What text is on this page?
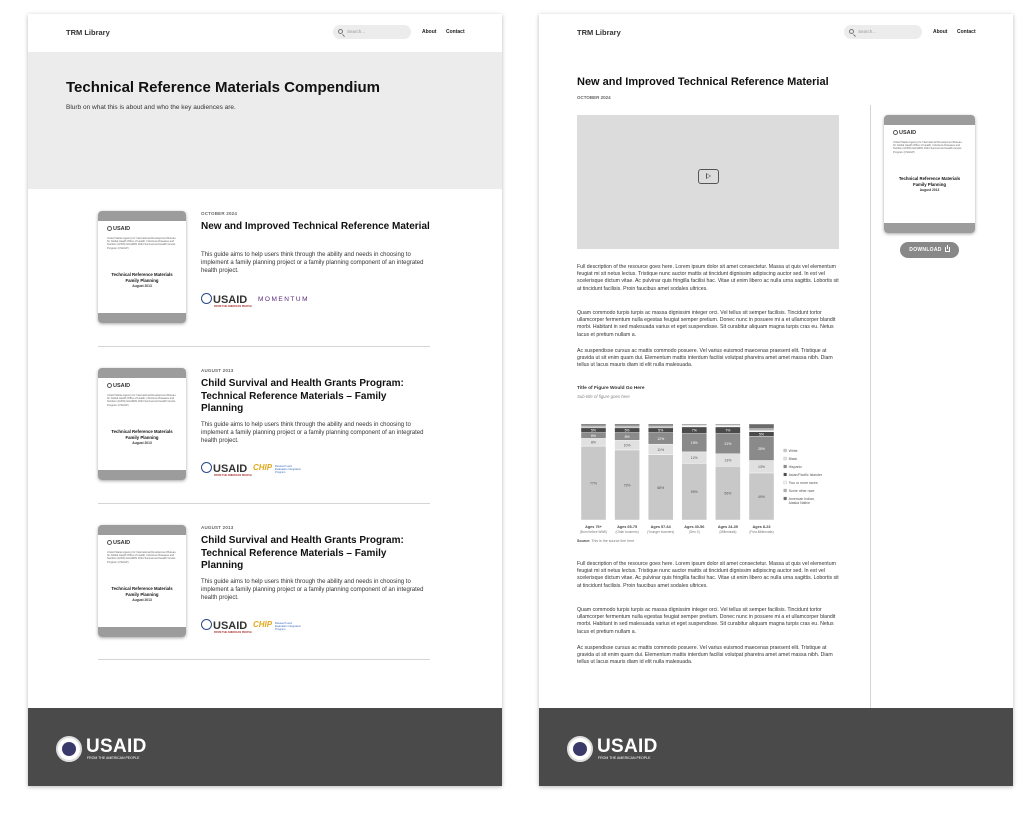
TRM Library	Search...	About Contact
Technical Reference Materials Compendium
Blurb on what this is about and who the key audiences are.
USAID
United States Agency for International Development Bureau for Global Health Office of Health, Infectious Diseases and Nutrition (HIDN) GH/HIDN 2024 Survival and Health Grants Program (CSHGP)
Technical Reference Materials
Family Planning
August 2013
OCTOBER 2024
New and Improved Technical Reference Material
This guide aims to help users think through the ability and needs in choosing to implement a family planning project or a family planning component of an integrated health project.
USAID
FROM THE AMERICAN PEOPLE
MOMENTUM
USAID
United States Agency for International Development Bureau for Global Health Office of Health, Infectious Diseases and Nutrition (HIDN) GH/HIDN 2024 Survival and Health Grants Program (CSHGP)
Technical Reference Materials
Family Planning
August 2013
AUGUST 2013
Child Survival and Health Grants Program: Technical Reference Materials – Family Planning
This guide aims to help users think through the ability and needs in choosing to implement a family planning project or a family planning component of an integrated health project.
USAID
FROM THE AMERICAN PEOPLE
CHIP Research and Evaluation Integrated Program
USAID
United States Agency for International Development Bureau for Global Health Office of Health, Infectious Diseases and Nutrition (HIDN) GH/HIDN 2024 Survival and Health Grants Program (CSHGP)
Technical Reference Materials
Family Planning
August 2013
AUGUST 2013
Child Survival and Health Grants Program: Technical Reference Materials – Family Planning
This guide aims to help users think through the ability and needs in choosing to implement a family planning project or a family planning component of an integrated health project.
USAID
FROM THE AMERICAN PEOPLE
CHIP Research and Evaluation Integrated Program
USAID
FROM THE AMERICAN PEOPLE
TRM Library	Search...	About Contact
New and Improved Technical Reference Material
OCTOBER 2024
Full description of the resource goes here. Lorem ipsum dolor sit amet consectetur. Massa ut quis vel elementum feugiat mi sit netus lectus. Tristique nunc auctor mattis at tincidunt dignissim adipiscing auctor sed. In est vel scelerisque dictum vitae. Ac pulvinar quis fringilla facilisi hac. Vitae ut enim libero ac nulla urna sagittis. Lobortis sit at tincidunt facilisis. Proin faucibus amet sodales ultrices.
Quam commodo turpis turpis ac massa dignissim integer orci. Vel tellus sit semper facilisis. Tincidunt tortor ullamcorper fermentum nulla egestas feugiat semper pretium. Donec nunc in posuere mi a et ullamcorper blandit morbi. Habitant in sed malesuada varius et eget suspendisse. Sit curabitur aliquam magna turpis cras eu. Netus lacus et pretium nullam a.
Ac suspendisse cursus ac mattis commodo posuere. Vel varius euismod maecenas praesent elit. Tristique at gravida ut sit enim quam dui. Elementum mattis interdum facilisi volutpat pharetra amet amet massa nibh. Diam tellus ut lacus mauris diam id elit nulla malesuada.
Title of Figure Would Go Here
Sub-title of figure goes here
77%
8%
6%
5%
Ages 76+
(Born before WWII)
73%
10%
8%
5%
Ages 65-75
(Older boomers)
68%
11%
12%
5%
Ages 57-64
(Younger boomers)
59%
12%
19%
7%
Ages 40-56
(Gen X)
56%
13%
21%
7%
Ages 24-39
(Millennials)
49%
13%
25%
5%
Ages 8-23
(Post-Millennials)
White
Black
Hispanic
Asian/Pacific Islander
Two or more races
Some other race
American Indian,
Alaska Native
Source: This is the source line here
Full description of the resource goes here. Lorem ipsum dolor sit amet consectetur. Massa ut quis vel elementum feugiat mi sit netus lectus. Tristique nunc auctor mattis at tincidunt dignissim adipiscing auctor sed. In est vel scelerisque dictum vitae. Ac pulvinar quis fringilla facilisi hac. Vitae ut enim libero ac nulla urna sagittis. Lobortis sit at tincidunt facilisis. Proin faucibus amet sodales ultrices.
Quam commodo turpis turpis ac massa dignissim integer orci. Vel tellus sit semper facilisis. Tincidunt tortor ullamcorper fermentum nulla egestas feugiat semper pretium. Donec nunc in posuere mi a et ullamcorper blandit morbi. Habitant in sed malesuada varius et eget suspendisse. Sit curabitur aliquam magna turpis cras eu. Netus lacus et pretium nullam a.
Ac suspendisse cursus ac mattis commodo posuere. Vel varius euismod maecenas praesent elit. Tristique at gravida ut sit enim quam dui. Elementum mattis interdum facilisi volutpat pharetra amet amet massa nibh. Diam tellus ut lacus mauris diam id elit nulla malesuada.
USAID
United States Agency for International Development Bureau for Global Health Office of Health, Infectious Diseases and Nutrition (HIDN) GH/HIDN 2024 Survival and Health Grants Program (CSHGP)
Technical Reference Materials
Family Planning
August 2013
DOWNLOAD
USAID
FROM THE AMERICAN PEOPLE
